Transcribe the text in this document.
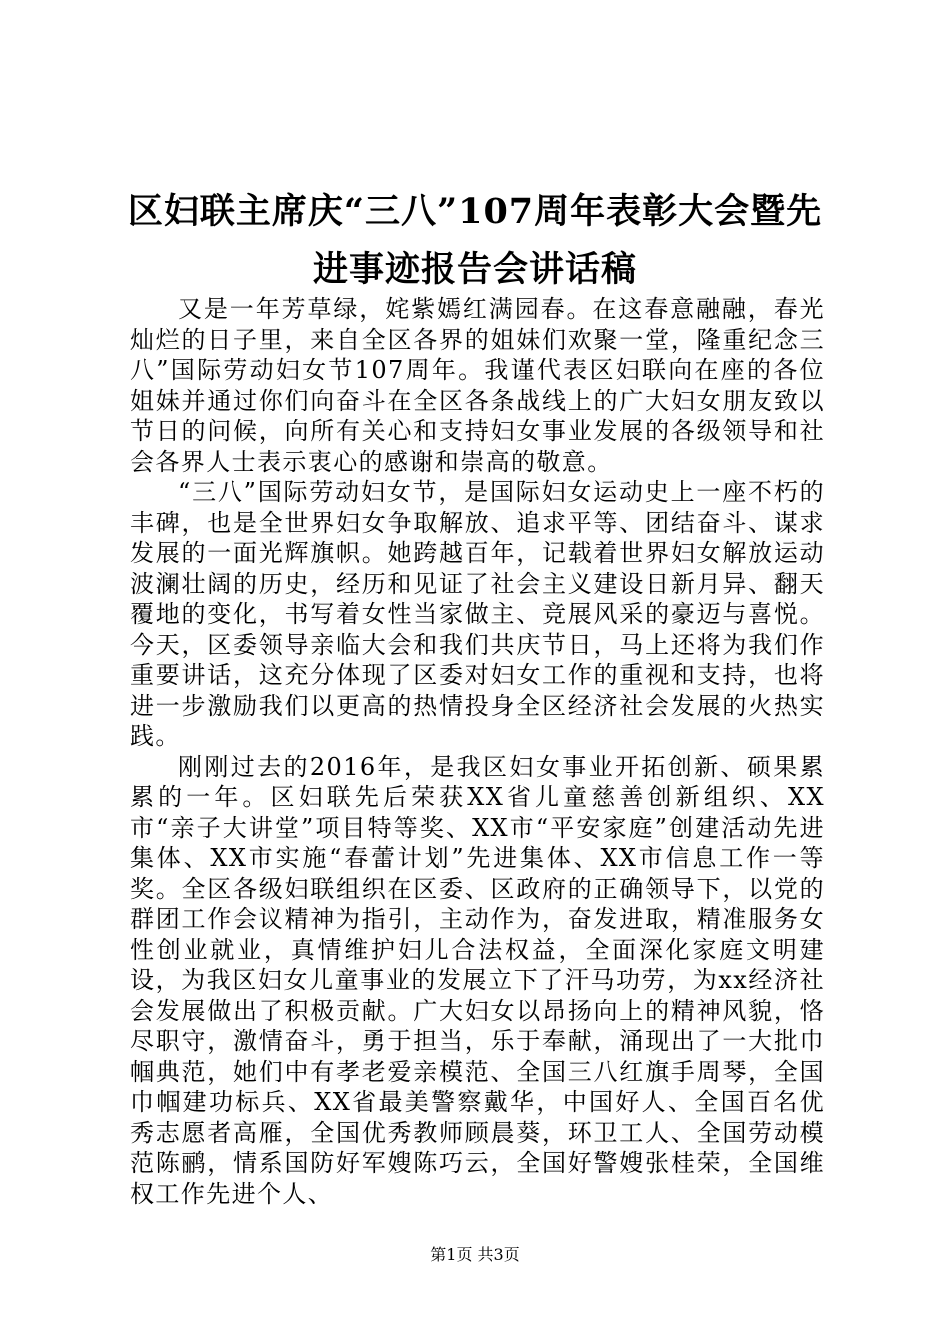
区妇联主席庆“三八”107周年表彰大会暨先
进事迹报告会讲话稿

又是一年芳草绿，姹紫嫣红满园春。在这春意融融，春光灿烂的日子里，来自全区各界的姐妹们欢聚一堂，隆重纪念三八”国际劳动妇女节107周年。我谨代表区妇联向在座的各位姐妹并通过你们向奋斗在全区各条战线上的广大妇女朋友致以节日的问候，向所有关心和支持妇女事业发展的各级领导和社会各界人士表示衷心的感谢和崇高的敬意。

“三八”国际劳动妇女节，是国际妇女运动史上一座不朽的丰碑，也是全世界妇女争取解放、追求平等、团结奋斗、谋求发展的一面光辉旗帜。她跨越百年，记载着世界妇女解放运动波澜壮阔的历史，经历和见证了社会主义建设日新月异、翻天覆地的变化，书写着女性当家做主、竞展风采的豪迈与喜悦。今天，区委领导亲临大会和我们共庆节日，马上还将为我们作重要讲话，这充分体现了区委对妇女工作的重视和支持，也将进一步激励我们以更高的热情投身全区经济社会发展的火热实践。

刚刚过去的2016年，是我区妇女事业开拓创新、硕果累累的一年。区妇联先后荣获XX省儿童慈善创新组织、XX市“亲子大讲堂”项目特等奖、XX市“平安家庭”创建活动先进集体、XX市实施“春蕾计划”先进集体、XX市信息工作一等奖。全区各级妇联组织在区委、区政府的正确领导下，以党的群团工作会议精神为指引，主动作为，奋发进取，精准服务女性创业就业，真情维护妇儿合法权益，全面深化家庭文明建设，为我区妇女儿童事业的发展立下了汗马功劳，为xx经济社会发展做出了积极贡献。广大妇女以昂扬向上的精神风貌，恪尽职守，激情奋斗，勇于担当，乐于奉献，涌现出了一大批巾帼典范，她们中有孝老爱亲模范、全国三八红旗手周琴，全国巾帼建功标兵、XX省最美警察戴华，中国好人、全国百名优秀志愿者高雁，全国优秀教师顾晨葵，环卫工人、全国劳动模范陈鹂，情系国防好军嫂陈巧云，全国好警嫂张桂荣，全国维权工作先进个人、

第1页 共3页
